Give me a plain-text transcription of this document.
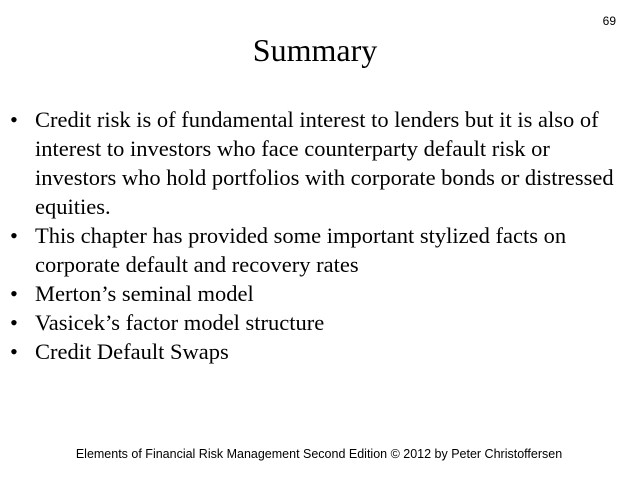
69
Summary
• Credit risk is of fundamental interest to lenders but it is also of interest to investors who face counterparty default risk or investors who hold portfolios with corporate bonds or distressed equities.
• This chapter has provided some important stylized facts on corporate default and recovery rates
• Merton’s seminal model
• Vasicek’s factor model structure
• Credit Default Swaps
Elements of Financial Risk Management Second Edition © 2012 by Peter Christoffersen
